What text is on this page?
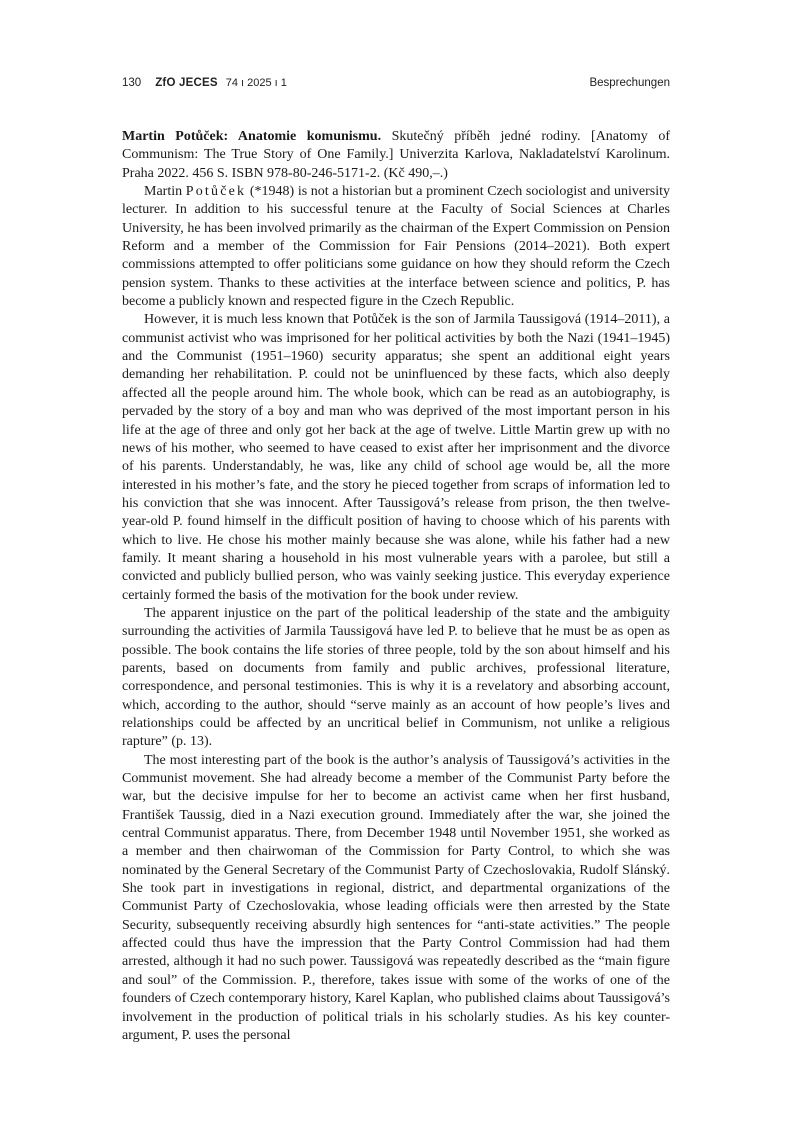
130 ZfO JECES 74 ı 2025 ı 1	Besprechungen

Martin Potůček: Anatomie komunismu. Skutečný příběh jedné rodiny. [Anatomy of Communism: The True Story of One Family.] Univerzita Karlova, Nakladatelství Karolinum. Praha 2022. 456 S. ISBN 978-80-246-5171-2. (Kč 490,–.)

Martin Potůček (*1948) is not a historian but a prominent Czech sociologist and university lecturer. In addition to his successful tenure at the Faculty of Social Sciences at Charles University, he has been involved primarily as the chairman of the Expert Commission on Pension Reform and a member of the Commission for Fair Pensions (2014–2021). Both expert commissions attempted to offer politicians some guidance on how they should reform the Czech pension system. Thanks to these activities at the interface between science and politics, P. has become a publicly known and respected figure in the Czech Republic.

However, it is much less known that Potůček is the son of Jarmila Taussigová (1914–2011), a communist activist who was imprisoned for her political activities by both the Nazi (1941–1945) and the Communist (1951–1960) security apparatus; she spent an additional eight years demanding her rehabilitation. P. could not be uninfluenced by these facts, which also deeply affected all the people around him. The whole book, which can be read as an autobiography, is pervaded by the story of a boy and man who was deprived of the most important person in his life at the age of three and only got her back at the age of twelve. Little Martin grew up with no news of his mother, who seemed to have ceased to exist after her imprisonment and the divorce of his parents. Understandably, he was, like any child of school age would be, all the more interested in his mother’s fate, and the story he pieced together from scraps of information led to his conviction that she was innocent. After Taussigová’s release from prison, the then twelve-year-old P. found himself in the difficult position of having to choose which of his parents with which to live. He chose his mother mainly because she was alone, while his father had a new family. It meant sharing a household in his most vulnerable years with a parolee, but still a convicted and publicly bullied person, who was vainly seeking justice. This everyday experience certainly formed the basis of the motivation for the book under review.

The apparent injustice on the part of the political leadership of the state and the ambiguity surrounding the activities of Jarmila Taussigová have led P. to believe that he must be as open as possible. The book contains the life stories of three people, told by the son about himself and his parents, based on documents from family and public archives, professional literature, correspondence, and personal testimonies. This is why it is a revelatory and absorbing account, which, according to the author, should “serve mainly as an account of how people’s lives and relationships could be affected by an uncritical belief in Communism, not unlike a religious rapture” (p. 13).

The most interesting part of the book is the author’s analysis of Taussigová’s activities in the Communist movement. She had already become a member of the Communist Party before the war, but the decisive impulse for her to become an activist came when her first husband, František Taussig, died in a Nazi execution ground. Immediately after the war, she joined the central Communist apparatus. There, from December 1948 until November 1951, she worked as a member and then chairwoman of the Commission for Party Control, to which she was nominated by the General Secretary of the Communist Party of Czechoslovakia, Rudolf Slánský. She took part in investigations in regional, district, and departmental organizations of the Communist Party of Czechoslovakia, whose leading officials were then arrested by the State Security, subsequently receiving absurdly high sentences for “anti-state activities.” The people affected could thus have the impression that the Party Control Commission had had them arrested, although it had no such power. Taussigová was repeatedly described as the “main figure and soul” of the Commission. P., therefore, takes issue with some of the works of one of the founders of Czech contemporary history, Karel Kaplan, who published claims about Taussigová’s involvement in the production of political trials in his scholarly studies. As his key counter-argument, P. uses the personal
